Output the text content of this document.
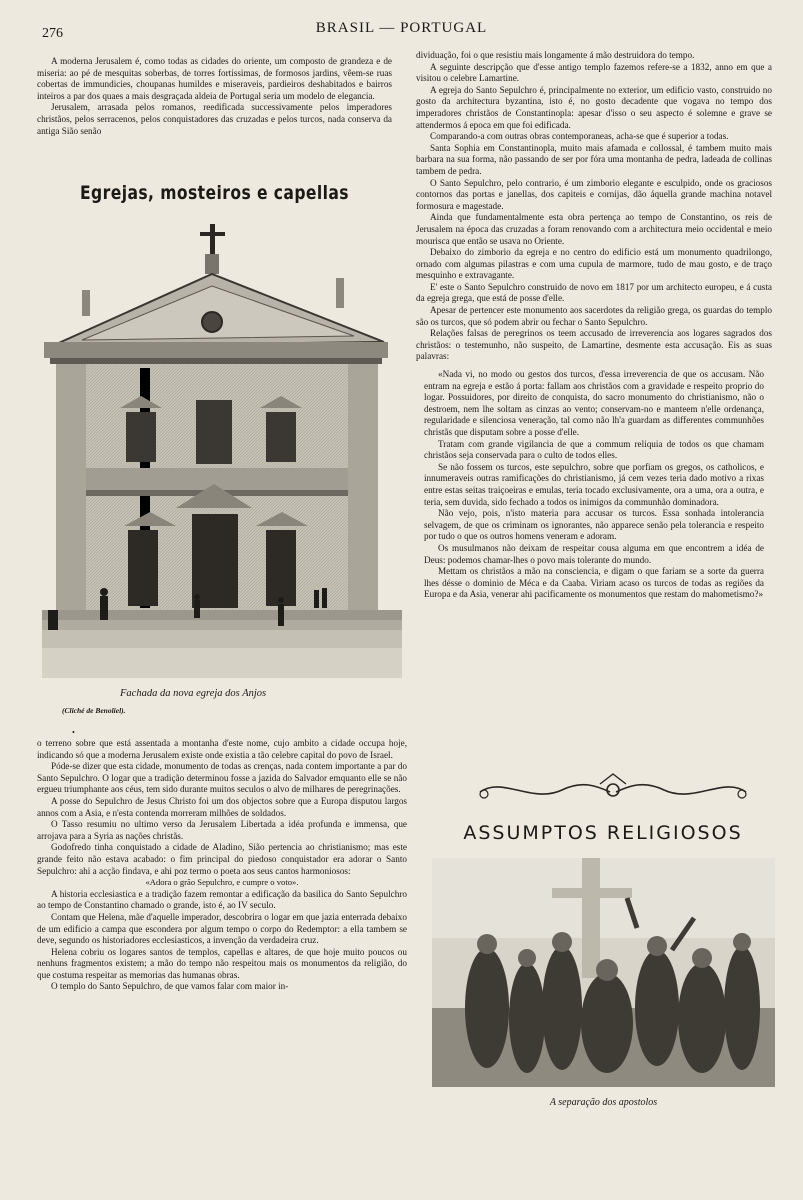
276	BRASIL — PORTUGAL

A moderna Jerusalem é, como todas as cidades do oriente, um composto de grandeza e de miseria: ao pé de mesquitas soberbas, de torres fortissimas, de formosos jardins, vêem-se ruas cobertas de immundicies, choupanas humildes e miseraveis, pardieiros deshabitados e bairros inteiros a par dos quaes a mais desgraçada aldeia de Portugal seria um modelo de elegancia.

Jerusalem, arrasada pelos romanos, reedificada successivamente pelos imperadores christãos, pelos serracenos, pelos conquistadores das cruzadas e pelos turcos, nada conserva da antiga Sião senão

Egrejas, mosteiros e capellas
Fachada da nova egreja dos Anjos
(Cliché de Benoliel).
•

o terreno sobre que está assentada a montanha d'este nome, cujo ambito a cidade occupa hoje, indicando só que a moderna Jerusalem existe onde existia a tão celebre capital do povo de Israel.

Póde-se dizer que esta cidade, monumento de todas as crenças, nada contem importante a par do Santo Sepulchro. O logar que a tradição determinou fosse a jazida do Salvador emquanto elle se não ergueu triumphante aos céus, tem sido durante muitos seculos o alvo de milhares de peregrinações.

A posse do Sepulchro de Jesus Christo foi um dos objectos sobre que a Europa disputou largos annos com a Asia, e n'esta contenda morreram milhões de soldados.

O Tasso resumiu no ultimo verso da Jerusalem Libertada a idéa profunda e immensa, que arrojava para a Syria as nações christãs.

Godofredo tinha conquistado a cidade de Aladino, Sião pertencia ao christianismo; mas este grande feito não estava acabado: o fim principal do piedoso conquistador era adorar o Santo Sepulchro: ahi a acção findava, e ahi poz termo o poeta aos seus cantos harmoniosos:

«Adora o grão Sepulchro, e cumpre o voto».

A historia ecclesiastica e a tradição fazem remontar a edificação da basilica do Santo Sepulchro ao tempo de Constantino chamado o grande, isto é, ao IV seculo.

Contam que Helena, mãe d'aquelle imperador, descobrira o logar em que jazia enterrada debaixo de um edificio a campa que escondera por algum tempo o corpo do Redemptor: a ella tambem se deve, segundo os historiadores ecclesiasticos, a invenção da verdadeira cruz.

Helena cobriu os logares santos de templos, capellas e altares, de que hoje muito poucos ou nenhuns fragmentos existem; a mão do tempo não respeitou mais os monumentos da religião, do que costuma respeitar as memorias das humanas obras.

O templo do Santo Sepulchro, de que vamos falar com maior in-

dividuação, foi o que resistiu mais longamente á mão destruidora do tempo.

A seguinte descripção que d'esse antigo templo fazemos refere-se a 1832, anno em que a visitou o celebre Lamartine.

A egreja do Santo Sepulchro é, principalmente no exterior, um edificio vasto, construido no gosto da architectura byzantina, isto é, no gosto decadente que vogava no tempo dos imperadores christãos de Constantinopla: apesar d'isso o seu aspecto é solemne e grave se attendermos á epoca em que foi edificada.

Comparando-a com outras obras contemporaneas, acha-se que é superior a todas.

Santa Sophia em Constantinopla, muito mais afamada e collossal, é tambem muito mais barbara na sua forma, não passando de ser por fóra uma montanha de pedra, ladeada de collinas tambem de pedra.

O Santo Sepulchro, pelo contrario, é um zimborio elegante e esculpido, onde os graciosos contornos das portas e janellas, dos capiteis e cornijas, dão áquella grande machina notavel formosura e magestade.

Ainda que fundamentalmente esta obra pertença ao tempo de Constantino, os reis de Jerusalem na época das cruzadas a foram renovando com a architectura meio occidental e meio mourisca que então se usava no Oriente.

Debaixo do zimborio da egreja e no centro do edificio está um monumento quadrilongo, ornado com algumas pilastras e com uma cupula de marmore, tudo de mau gosto, e de traço mesquinho e extravagante.

E' este o Santo Sepulchro construido de novo em 1817 por um architecto europeu, e á custa da egreja grega, que está de posse d'elle.

Apesar de pertencer este monumento aos sacerdotes da religião grega, os guardas do templo são os turcos, que só podem abrir ou fechar o Santo Sepulchro.

Relações falsas de peregrinos os teem accusado de irreverencia aos logares sagrados dos christãos: o testemunho, não suspeito, de Lamartine, desmente esta accusação. Eis as suas palavras:

«Nada vi, no modo ou gestos dos turcos, d'essa irreverencia de que os accusam. Não entram na egreja e estão á porta: fallam aos christãos com a gravidade e respeito proprio do logar. Possuidores, por direito de conquista, do sacro monumento do christianismo, não o destroem, nem lhe soltam as cinzas ao vento; conservam-no e manteem n'elle ordenança, regularidade e silenciosa veneração, tal como não lh'a guardam as differentes communhões christãs que disputam sobre a posse d'elle.

Tratam com grande vigilancia de que a commum reliquia de todos os que chamam christãos seja conservada para o culto de todos elles.

Se não fossem os turcos, este sepulchro, sobre que porfiam os gregos, os catholicos, e innumeraveis outras ramificações do christianismo, já cem vezes teria dado motivo a rixas entre estas seitas traiçoeiras e emulas, teria tocado exclusivamente, ora a uma, ora a outra, e teria, sem duvida, sido fechado a todos os inimigos da communhão dominadora.

Não vejo, pois, n'isto materia para accusar os turcos. Essa sonhada intolerancia selvagem, de que os criminam os ignorantes, não apparece senão pela tolerancia e respeito por tudo o que os outros homens veneram e adoram.

Os musulmanos não deixam de respeitar cousa alguma em que encontrem a idéa de Deus: podemos chamar-lhes o povo mais tolerante do mundo.

Mettam os christãos a mão na consciencia, e digam o que fariam se a sorte da guerra lhes désse o dominio de Méca e da Caaba. Viriam acaso os turcos de todas as regiões da Europa e da Asia, venerar ahi pacificamente os monumentos que restam do mahometismo?»

ASSUMPTOS RELIGIOSOS
A separação dos apostolos
